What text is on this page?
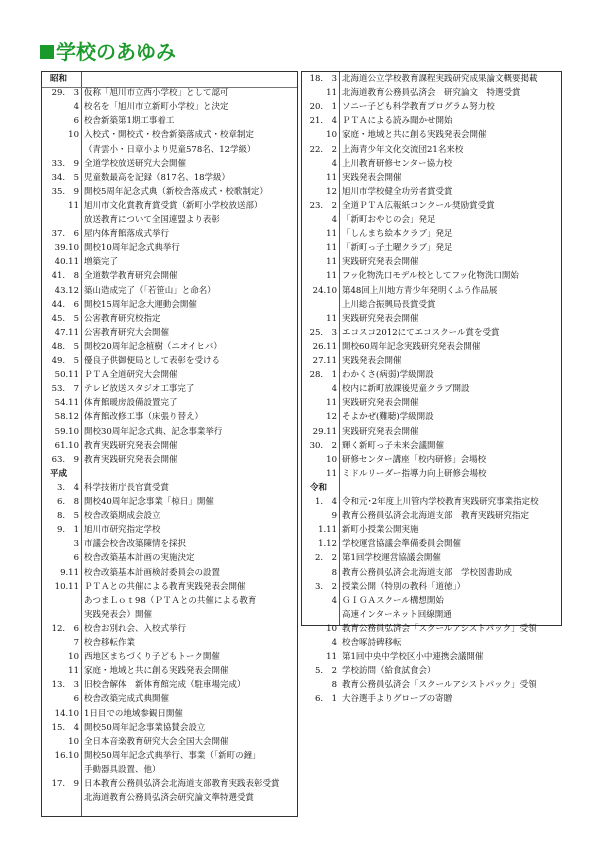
学校のあゆみ
昭和
29.　3 仮称「旭川市立西小学校」として認可
4 校名を「旭川市立新町小学校」と決定
6 校舎新築第1期工事着工
10 入校式・開校式・校舎新築落成式・校章制定
（青雲小・日章小より児童578名、12学級）
33.　9 全道学校放送研究大会開催
34.　5 児童数最高を記録（817名、18学級）
35.　9 開校5周年記念式典（新校舎落成式・校歌制定）
11 旭川市文化賞教育賞受賞（新町小学校放送部）
放送教育について全国連盟より表彰
37.　6 屋内体育館落成式挙行
39.10 開校10周年記念式典挙行
40.11 増築完了
41.　8 全道数学教育研究会開催
43.12 築山造成完了（「若笹山」と命名）
44.　6 開校15周年記念大運動会開催
45.　5 公害教育研究校指定
47.11 公害教育研究大会開催
48.　5 開校20周年記念植樹（ニオイヒバ）
49.　5 優良子供御便局として表彰を受ける
50.11 ＰＴＡ全道研究大会開催
53.　7 テレビ放送スタジオ工事完了
54.11 体育館暖房設備設置完了
58.12 体育館改修工事（床張り替え）
59.10 開校30周年記念式典、記念事業挙行
61.10 教育実践研究発表会開催
63.　9 教育実践研究発表会開催
平成
3.　4 科学技術庁長官賞受賞
6.　8 開校40周年記念事業「椋日」開催
8.　5 校舎改築期成会設立
9.　1 旭川市研究指定学校
3 市議会校舎改築陳情を採択
6 校舎改築基本計画の実施決定
9.11 校舎改築基本計画検討委員会の設置
10.11 ＰＴＡとの共催による教育実践発表会開催
あつまＬｏｔ98（ＰＴＡとの共催による教育
実践発表会）開催
12.　6 校舎お別れ会、入校式挙行
7 校舎移転作業
10 西地区まちづくり子どもトーク開催
11 家庭・地域と共に創る実践発表会開催
13.　3 旧校舎解体　新体育館完成（駐車場完成）
6 校舎改築完成式典開催
14.10 1日目での地域参観日開催
15.　4 開校50周年記念事業協賛会設立
10 全日本音楽教育研究大会全国大会開催
16.10 開校50周年記念式典挙行、事業（「新町の鐘」
手動器具設置、他）
17.　9 日本教育公務員弘済会北海道支部教育実践表彰受賞
北海道教育公務員弘済会研究論文準特選受賞
18.　3 北海道公立学校教育課程実践研究成果論文概要掲載
11 北海道教育公務員弘済会　研究論文　特選受賞
20.　1 ソニー子ども科学教育プログラム努力校
21.　4 ＰＴＡによる読み聞かせ開始
10 家庭・地域と共に創る実践発表会開催
22.　2 上海青少年文化交流団21名来校
4 上川教育研修センター協力校
11 実践発表会開催
12 旭川市学校健全功労者賞受賞
23.　2 全道ＰＴＡ広報紙コンクール奨励賞受賞
4 「新町おやじの会」発足
11 「しんまち絵本クラブ」発足
11 「新町っ子土曜クラブ」発足
11 実践研究発表会開催
11 フッ化物洗口モデル校としてフッ化物洗口開始
24.10 第48回上川地方青少年発明くふう作品展
上川総合振興局長賞受賞
11 実践研究発表会開催
25.　3 エコスコ2012にてエコスクール賞を受賞
26.11 開校60周年記念実践研究発表会開催
27.11 実践発表会開催
28.　1 わかくさ(病弱)学級開設
4 校内に新町放課後児童クラブ開設
11 実践研究発表会開催
12 そよかぜ(難聴)学級開設
29.11 実践研究発表会開催
30.　2 輝く新町っ子未来会議開催
10 研修センター講座「校内研修」会場校
11 ミドルリーダー指導力向上研修会場校
令和
1.　4 令和元･2年度上川管内学校教育実践研究事業指定校
9 教育公務員弘済会北海道支部　教育実践研究指定
1.11 新町小授業公開実施
1.12 学校運営協議会準備委員会開催
2.　2 第1回学校運営協議会開催
8 教育公務員弘済会北海道支部　学校図書助成
3.　2 授業公開（特別の教科「道徳」）
4 ＧＩＧＡスクール構想開始
高速インターネット回線開通
10 教育公務員弘済会「スクールアシストパック」受領
4 校舎啄詩碑移転
11 第1回中央中学校区小中連携会議開催
5.　2 学校訪問（給食試食会）
8 教育公務員弘済会「スクールアシストパック」受領
6.　1 大谷選手よりグローブの寄贈
